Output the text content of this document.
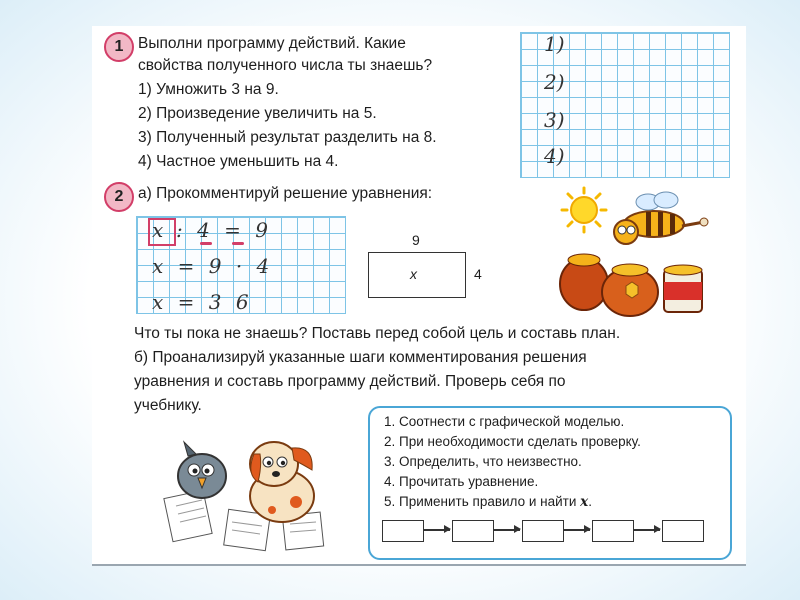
1 Выполни программу действий. Какие
свойства полученного числа ты знаешь?
1) Умножить 3 на 9.
2) Произведение увеличить на 5.
3) Полученный результат разделить на 8.
4) Частное уменьшить на 4.
1)
2)
3)
4)
2 а) Прокомментируй решение уравнения:
x : 4 = 9
x = 9 · 4
x = 3 6
9
x	4
Что ты пока не знаешь? Поставь перед собой цель и составь план.
б) Проанализируй указанные шаги комментирования решения
уравнения и составь программу действий. Проверь себя по
учебнику.
1. Соотнести с графической моделью.
2. При необходимости сделать проверку.
3. Определить, что неизвестно.
4. Прочитать уравнение.
5. Применить правило и найти x.
